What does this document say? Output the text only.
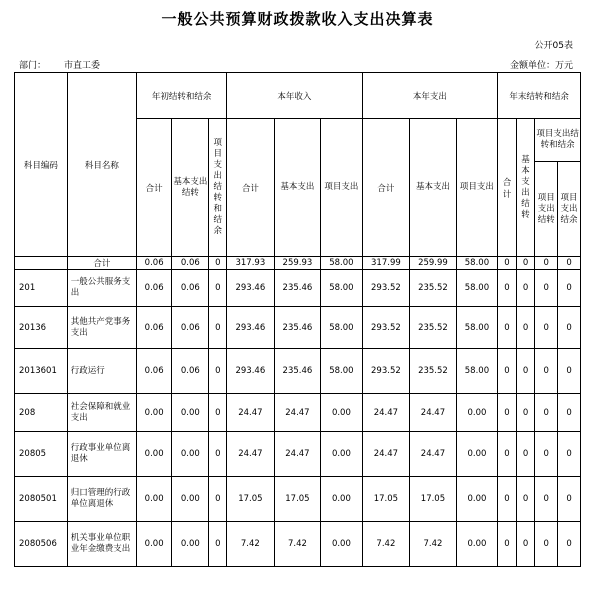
一般公共预算财政拨款收入支出决算表
公开05表
部门： 市直工委	金额单位：万元
科目编码	科目名称	年初结转和结余			本年收入			本年支出			年末结转和结余			
		合计	基本支出结转	项目支出结转和结余	合计	基本支出	项目支出	合计	基本支出	项目支出	合计	基本支出结转	项目支出结转和结余	
													项目支出结转	项目支出结余
	合计	0.06	0.06	0	317.93	259.93	58.00	317.99	259.99	58.00	0	0	0	0
201	一般公共服务支出	0.06	0.06	0	293.46	235.46	58.00	293.52	235.52	58.00	0	0	0	0
20136	其他共产党事务支出	0.06	0.06	0	293.46	235.46	58.00	293.52	235.52	58.00	0	0	0	0
2013601	行政运行	0.06	0.06	0	293.46	235.46	58.00	293.52	235.52	58.00	0	0	0	0
208	社会保障和就业支出	0.00	0.00	0	24.47	24.47	0.00	24.47	24.47	0.00	0	0	0	0
20805	行政事业单位离退休	0.00	0.00	0	24.47	24.47	0.00	24.47	24.47	0.00	0	0	0	0
2080501	归口管理的行政单位离退休	0.00	0.00	0	17.05	17.05	0.00	17.05	17.05	0.00	0	0	0	0
2080506	机关事业单位职业年金缴费支出	0.00	0.00	0	7.42	7.42	0.00	7.42	7.42	0.00	0	0	0	0
